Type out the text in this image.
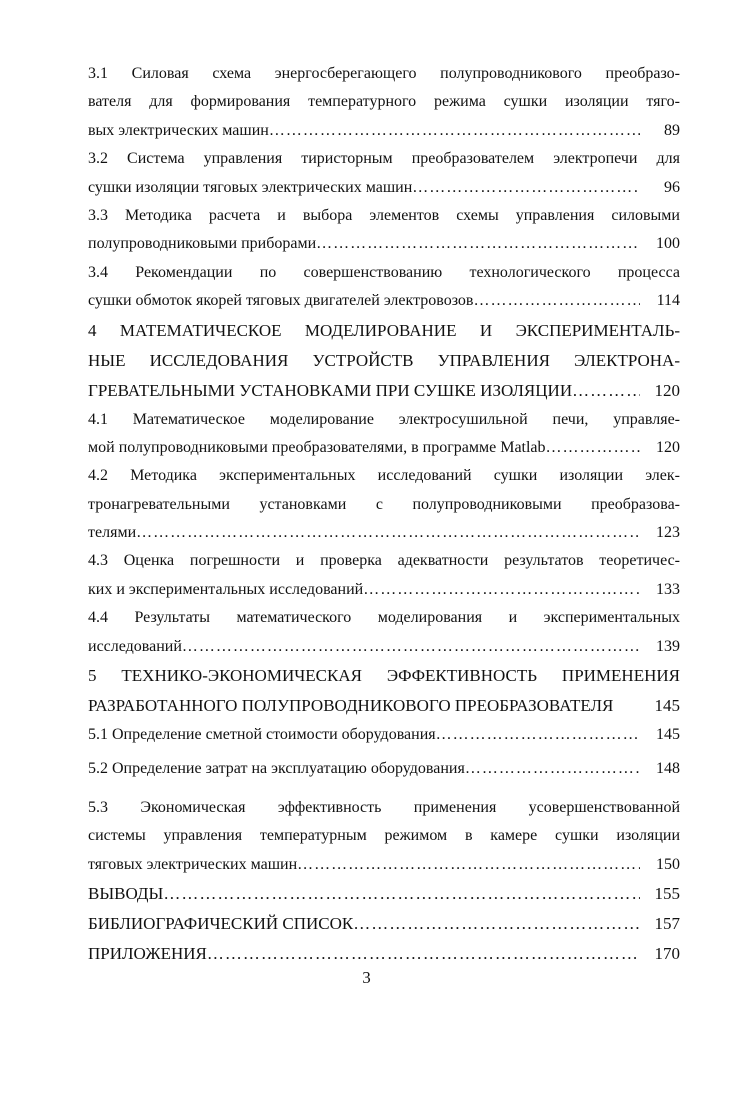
3.1 Силовая схема энергосберегающего полупроводникового преобразо-
вателя для формирования температурного режима сушки изоляции тяго-
вых электрических машин …………………………………………………………………………………………………………………………………………………………	89
3.2 Система управления тиристорным преобразователем электропечи для
сушки изоляции тяговых электрических машин …………………………………………………………………………………………………………………………………………………………	96
3.3 Методика расчета и выбора элементов схемы управления силовыми
полупроводниковыми приборами …………………………………………………………………………………………………………………………………………………………	100
3.4 Рекомендации по совершенствованию технологического процесса
сушки обмоток якорей тяговых двигателей электровозов …………………………………………………………………………………………………………………………………………………………	114
4 МАТЕМАТИЧЕСКОЕ МОДЕЛИРОВАНИЕ И ЭКСПЕРИМЕНТАЛЬ-
НЫЕ ИССЛЕДОВАНИЯ УСТРОЙСТВ УПРАВЛЕНИЯ ЭЛЕКТРОНА-
ГРЕВАТЕЛЬНЫМИ УСТАНОВКАМИ ПРИ СУШКЕ ИЗОЛЯЦИИ …………………………………………………………………………………………………………………………………………………………	120
4.1 Математическое моделирование электросушильной печи, управляе-
мой полупроводниковыми преобразователями, в программе Matlab …………………………………………………………………………………………………………………………………………………………	120
4.2 Методика экспериментальных исследований сушки изоляции элек-
тронагревательными установками с полупроводниковыми преобразова-
телями …………………………………………………………………………………………………………………………………………………………	123
4.3 Оценка погрешности и проверка адекватности результатов теоретичес-
ких и экспериментальных исследований …………………………………………………………………………………………………………………………………………………………	133
4.4 Результаты математического моделирования и экспериментальных
исследований …………………………………………………………………………………………………………………………………………………………	139
5 ТЕХНИКО-ЭКОНОМИЧЕСКАЯ ЭФФЕКТИВНОСТЬ ПРИМЕНЕНИЯ
РАЗРАБОТАННОГО ПОЛУПРОВОДНИКОВОГО ПРЕОБРАЗОВАТЕЛЯ 145
5.1 Определение сметной стоимости оборудования …………………………………………………………………………………………………………………………………………………………	145
5.2 Определение затрат на эксплуатацию оборудования …………………………………………………………………………………………………………………………………………………………	148
5.3 Экономическая эффективность применения усовершенствованной
системы управления температурным режимом в камере сушки изоляции
тяговых электрических машин …………………………………………………………………………………………………………………………………………………………	150
ВЫВОДЫ …………………………………………………………………………………………………………………………………………………………	155
БИБЛИОГРАФИЧЕСКИЙ СПИСОК …………………………………………………………………………………………………………………………………………………………	157
ПРИЛОЖЕНИЯ …………………………………………………………………………………………………………………………………………………………	170
3
